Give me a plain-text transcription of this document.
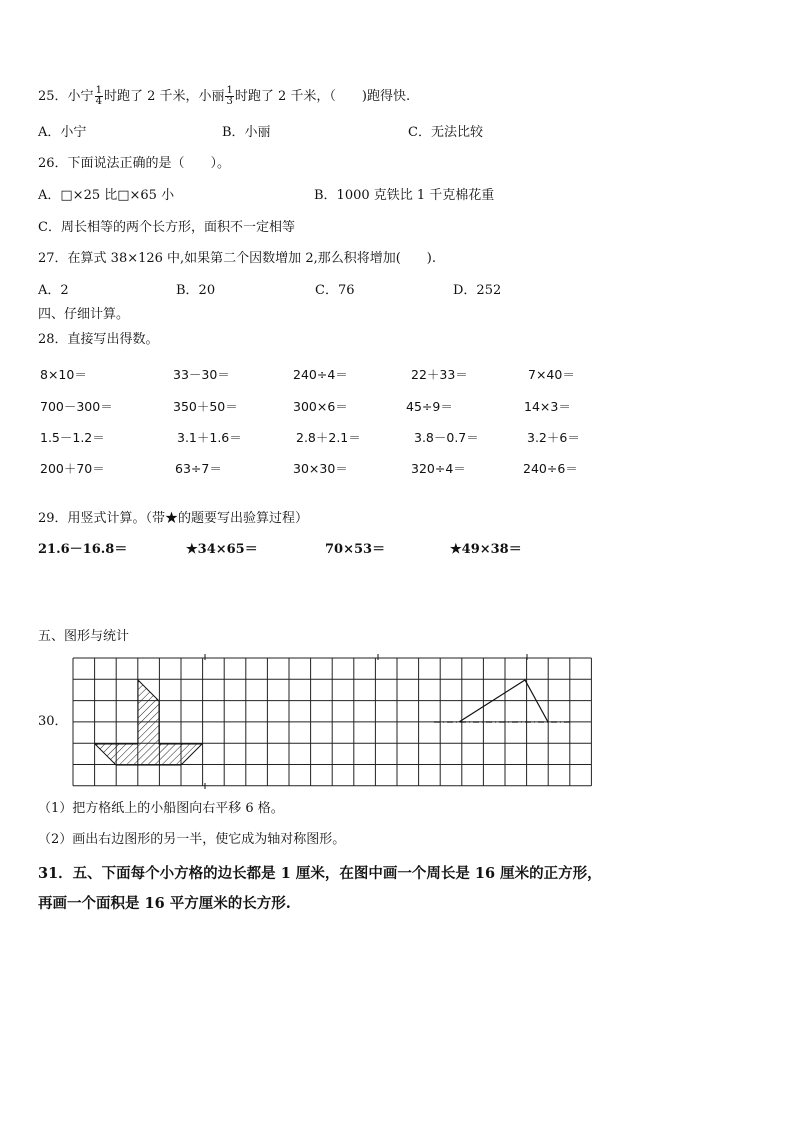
25．小宁 $\frac{1}{4}$ 时跑了 2 千米，小丽 $\frac{1}{3}$ 时跑了 2 千米，（　　)跑得快.
A．小宁	B．小丽	C．无法比较
26．下面说法正确的是（　　）。
A．□×25 比□×65 小	B．1000 克铁比 1 千克棉花重
C．周长相等的两个长方形，面积不一定相等
27．在算式 38×126 中,如果第二个因数增加 2,那么积将增加(　　).
A．2	B．20	C．76	D．252
四、仔细计算。
28．直接写出得数。
8×10＝	33－30＝	240÷4＝	22＋33＝	7×40＝
700－300＝	350＋50＝	300×6＝	45÷9＝	14×3＝
1.5－1.2＝	3.1＋1.6＝	2.8＋2.1＝	3.8－0.7＝	3.2＋6＝
200＋70＝	63÷7＝	30×30＝	320÷4＝	240÷6＝
29．用竖式计算。（带★的题要写出验算过程）
21.6－16.8＝	★34×65＝	70×53＝	★49×38＝
五、图形与统计
30．
（1）把方格纸上的小船图向右平移 6 格。
（2）画出右边图形的另一半，使它成为轴对称图形。
31．五、下面每个小方格的边长都是 1 厘米，在图中画一个周长是 16 厘米的正方形，
再画一个面积是 16 平方厘米的长方形.
